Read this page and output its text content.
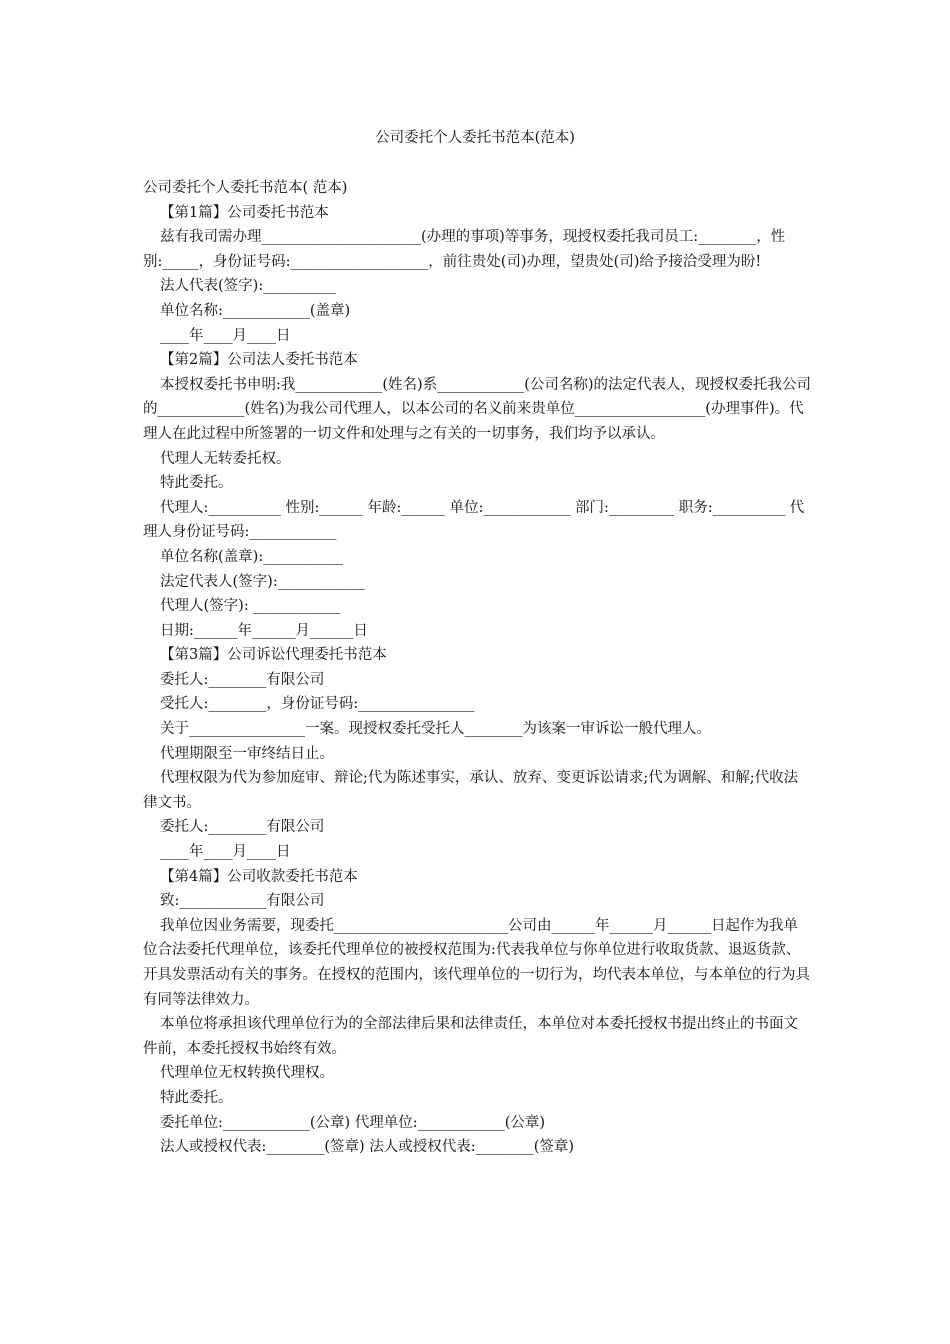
公司委托个人委托书范本(范本)

公司委托个人委托书范本( 范本)

【第1篇】公司委托书范本

兹有我司需办理______________________(办理的事项)等事务，现授权委托我司员工:________，性别:_____，身份证号码:___________________，前往贵处(司)办理，望贵处(司)给予接洽受理为盼!

法人代表(签字):__________

单位名称:____________(盖章)

____年____月____日

【第2篇】公司法人委托书范本

本授权委托书申明:我____________(姓名)系____________(公司名称)的法定代表人，现授权委托我公司的____________(姓名)为我公司代理人，以本公司的名义前来贵单位__________________(办理事件)。代理人在此过程中所签署的一切文件和处理与之有关的一切事务，我们均予以承认。

代理人无转委托权。

特此委托。

代理人:__________ 性别:______ 年龄:______ 单位:____________ 部门:_________ 职务:__________ 代理人身份证号码:____________

单位名称(盖章):___________

法定代表人(签字):____________

代理人(签字): ____________

日期:______年______月______日

【第3篇】公司诉讼代理委托书范本

委托人:________有限公司

受托人:________，身份证号码:________________

关于________________一案。现授权委托受托人________为该案一审诉讼一般代理人。

代理期限至一审终结日止。

代理权限为代为参加庭审、辩论;代为陈述事实，承认、放弃、变更诉讼请求;代为调解、和解;代收法律文书。

委托人:________有限公司

____年____月____日

【第4篇】公司收款委托书范本

致:____________有限公司

我单位因业务需要，现委托________________________公司由______年______月______日起作为我单位合法委托代理单位，该委托代理单位的被授权范围为:代表我单位与你单位进行收取货款、退返货款、开具发票活动有关的事务。在授权的范围内，该代理单位的一切行为，均代表本单位，与本单位的行为具有同等法律效力。

本单位将承担该代理单位行为的全部法律后果和法律责任，本单位对本委托授权书提出终止的书面文件前，本委托授权书始终有效。

代理单位无权转换代理权。

特此委托。

委托单位:____________(公章) 代理单位:____________(公章)

法人或授权代表:________(签章) 法人或授权代表:________(签章)
